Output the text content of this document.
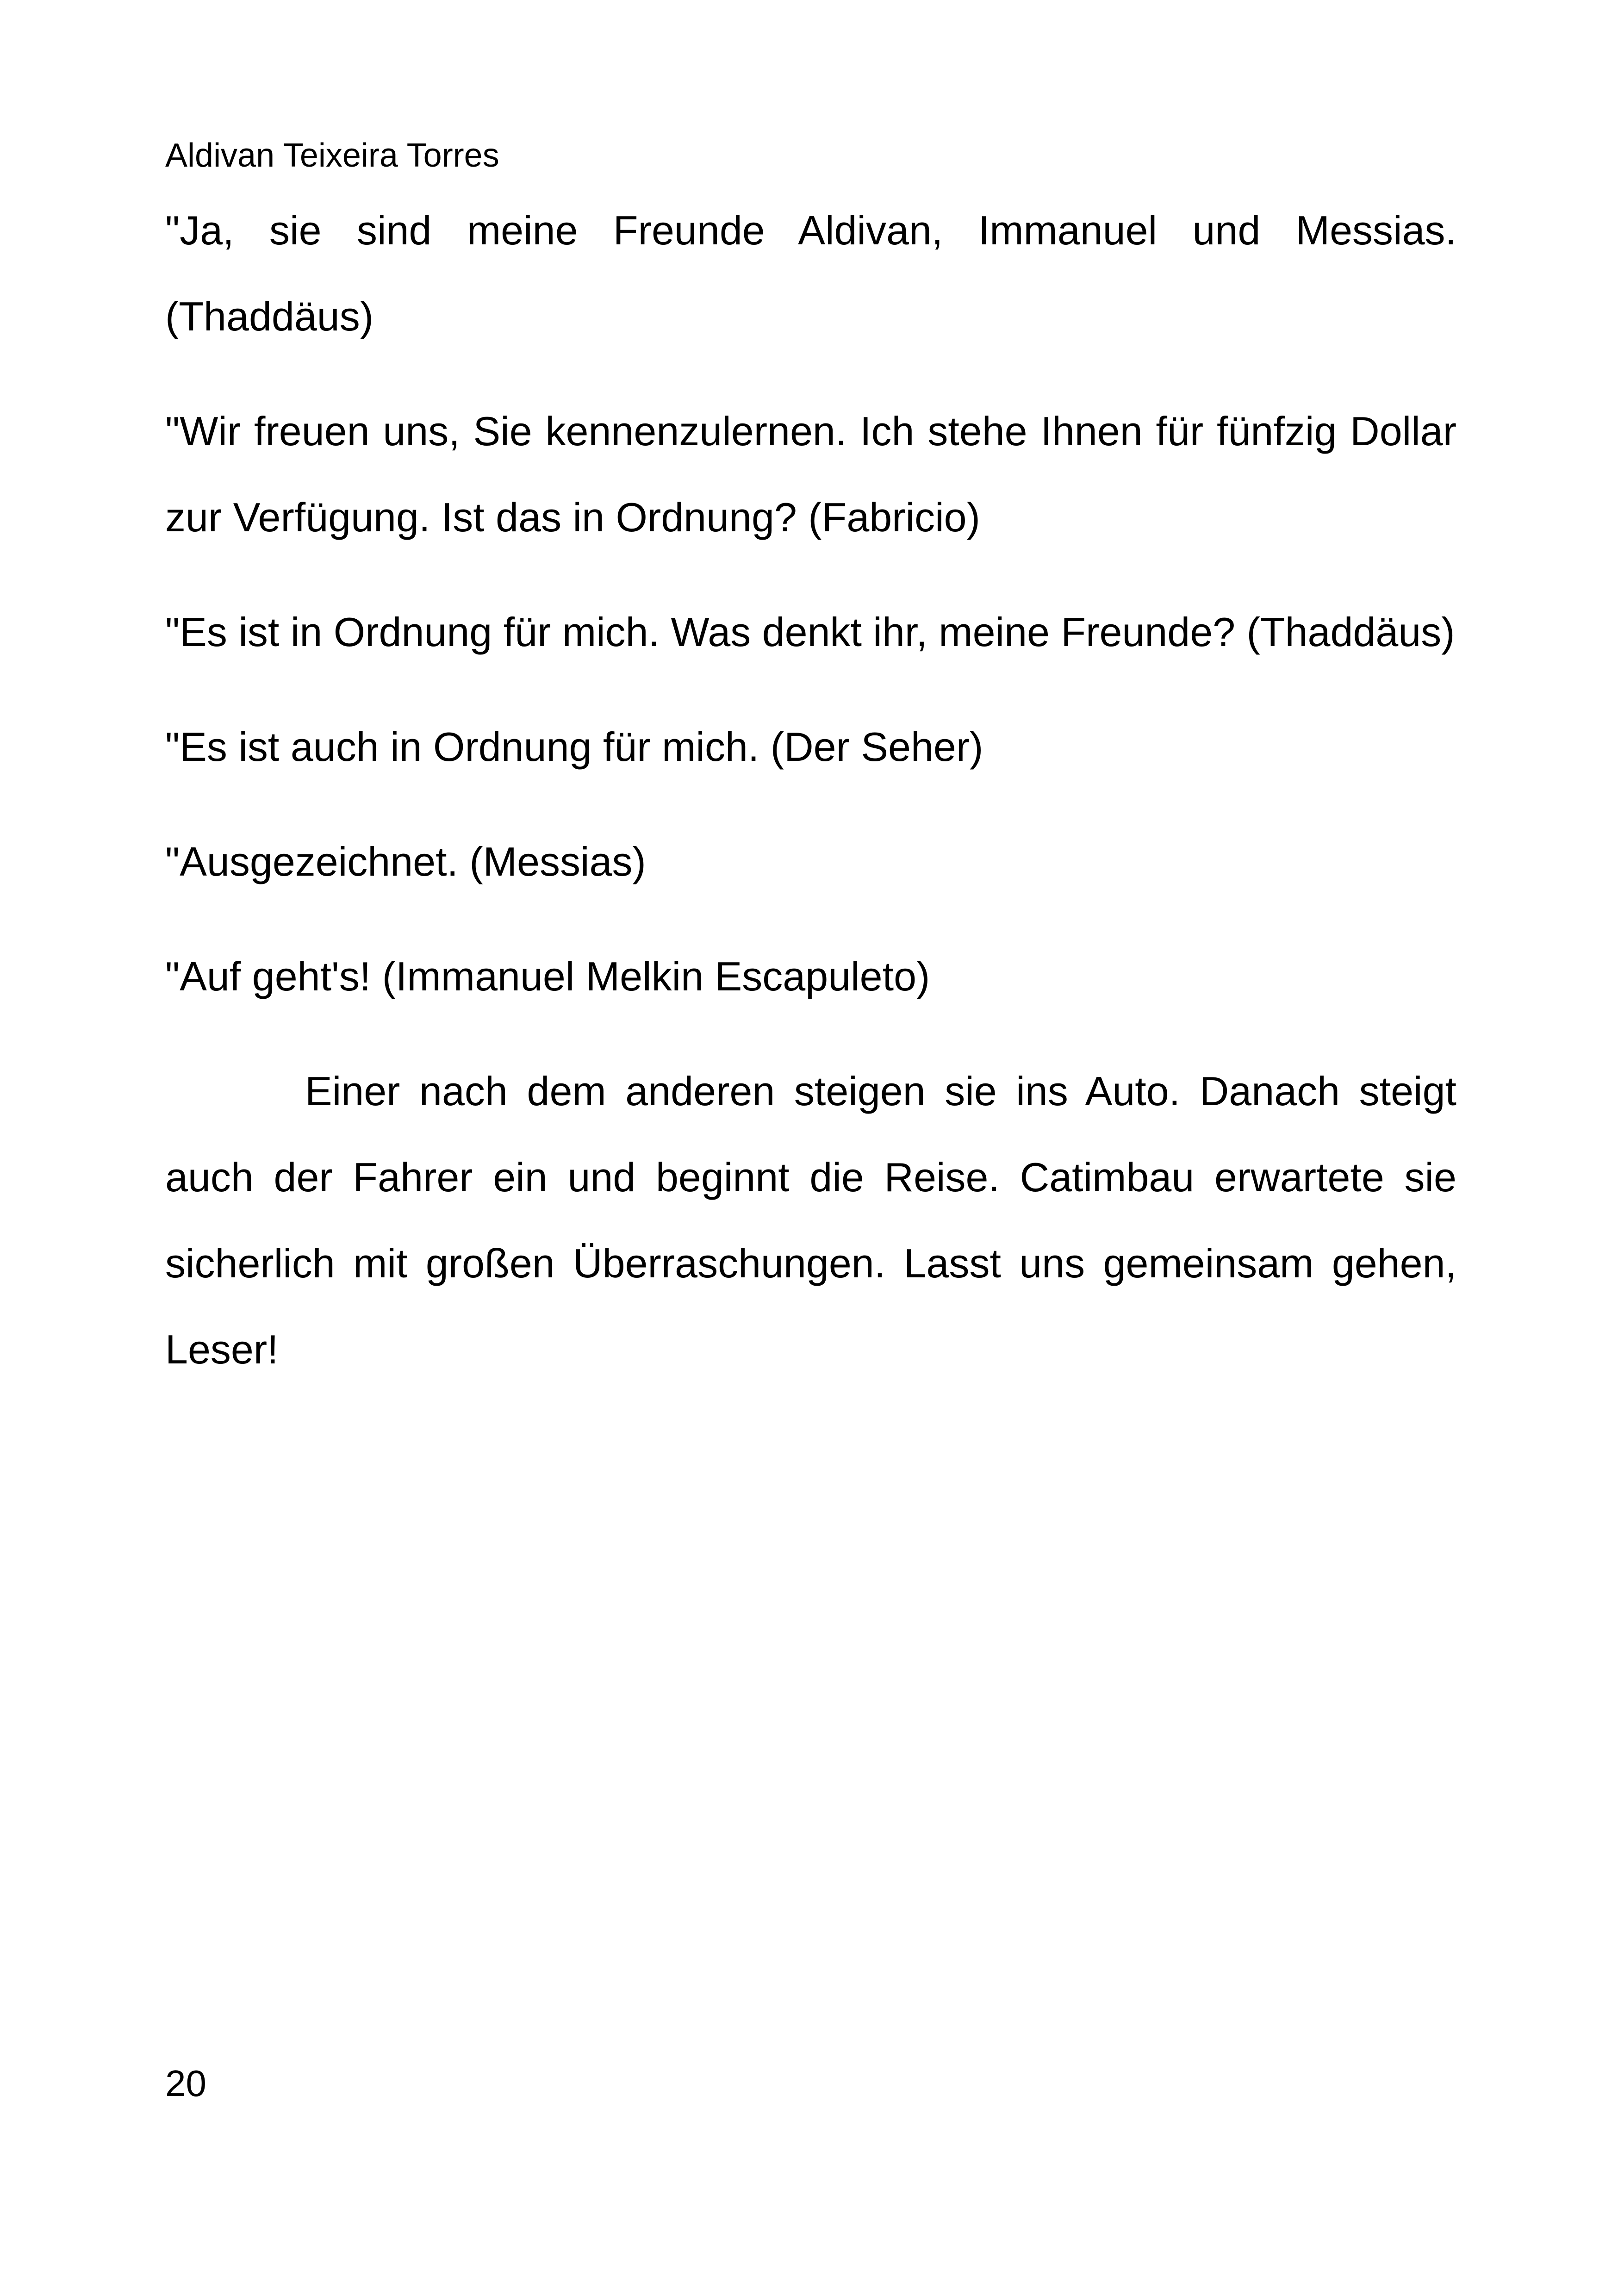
Aldivan Teixeira Torres

"Ja, sie sind meine Freunde Aldivan, Immanuel und Messias. (Thaddäus)

"Wir freuen uns, Sie kennenzulernen. Ich stehe Ihnen für fünfzig Dollar zur Verfügung. Ist das in Ordnung? (Fabricio)

"Es ist in Ordnung für mich. Was denkt ihr, meine Freunde? (Thaddäus)

"Es ist auch in Ordnung für mich. (Der Seher)

"Ausgezeichnet. (Messias)

"Auf geht's! (Immanuel Melkin Escapuleto)

Einer nach dem anderen steigen sie ins Auto. Danach steigt auch der Fahrer ein und beginnt die Reise. Catimbau erwartete sie sicherlich mit großen Überraschungen. Lasst uns gemeinsam gehen, Leser!

20
